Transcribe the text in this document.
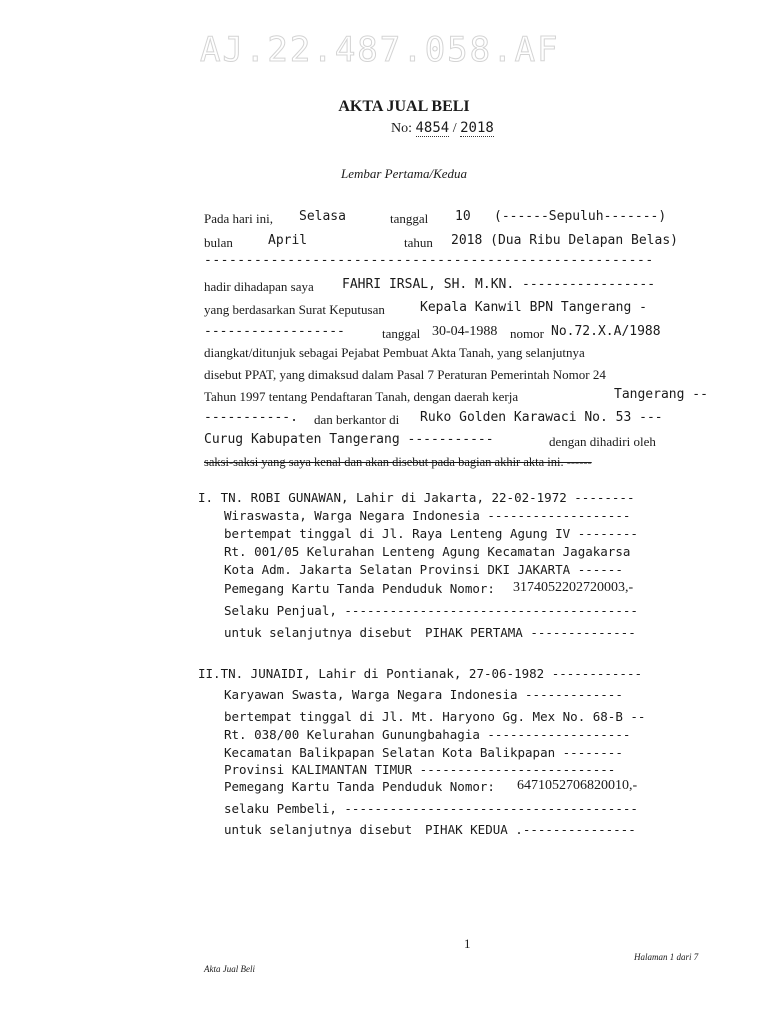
AJ.22.487.058.AF
AKTA JUAL BELI
No: 4854 / 2018
Lembar Pertama/Kedua
Pada hari ini, Selasa	tanggal 10 (------Sepuluh-------)
bulan	April	tahun 2018 (Dua Ribu Delapan Belas)
------------------------------------------------------
hadir dihadapan saya FAHRI IRSAL, SH. M.KN. -----------------
yang berdasarkan Surat Keputusan	Kepala Kanwil BPN Tangerang -
------------------	tanggal 30-04-1988 nomor No.72.X.A/1988
diangkat/ditunjuk sebagai Pejabat Pembuat Akta Tanah, yang selanjutnya
disebut PPAT, yang dimaksud dalam Pasal 7 Peraturan Pemerintah Nomor 24
Tahun 1997 tentang Pendaftaran Tanah, dengan daerah kerja	Tangerang --
-----------. dan berkantor di Ruko Golden Karawaci No. 53 ---
Curug Kabupaten Tangerang -----------	dengan dihadiri oleh
saksi-saksi yang saya kenal dan akan disebut pada bagian akhir akta ini. ------
I. TN. ROBI GUNAWAN, Lahir di Jakarta, 22-02-1972 --------
Wiraswasta, Warga Negara Indonesia -------------------
bertempat tinggal di Jl. Raya Lenteng Agung IV --------
Rt. 001/05 Kelurahan Lenteng Agung Kecamatan Jagakarsa
Kota Adm. Jakarta Selatan Provinsi DKI JAKARTA ------
Pemegang Kartu Tanda Penduduk Nomor: 3174052202720003,-
Selaku Penjual, ---------------------------------------
untuk selanjutnya disebut PIHAK PERTAMA --------------
II.TN. JUNAIDI, Lahir di Pontianak, 27-06-1982 ------------
Karyawan Swasta, Warga Negara Indonesia -------------
bertempat tinggal di Jl. Mt. Haryono Gg. Mex No. 68-B --
Rt. 038/00 Kelurahan Gunungbahagia -------------------
Kecamatan Balikpapan Selatan Kota Balikpapan --------
Provinsi KALIMANTAN TIMUR --------------------------
Pemegang Kartu Tanda Penduduk Nomor: 6471052706820010,-
selaku Pembeli, ---------------------------------------
untuk selanjutnya disebut PIHAK KEDUA .---------------
1
Akta Jual Beli
Halaman 1 dari 7
